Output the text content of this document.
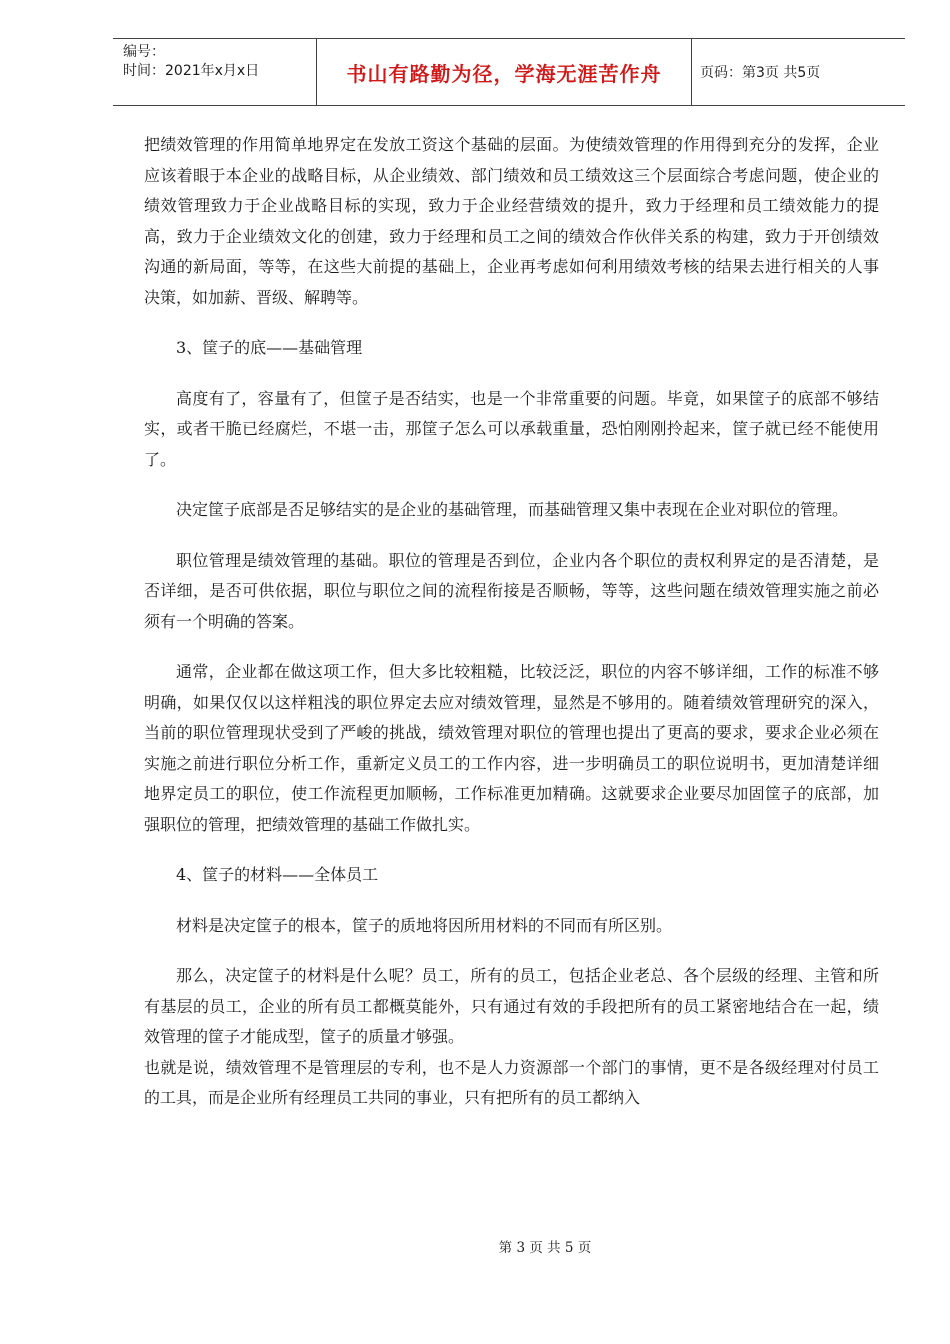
编号：
时间：2021年x月x日	书山有路勤为径，学海无涯苦作舟	页码：第3页 共5页

把绩效管理的作用简单地界定在发放工资这个基础的层面。为使绩效管理的作用得到充分的发挥，企业应该着眼于本企业的战略目标，从企业绩效、部门绩效和员工绩效这三个层面综合考虑问题，使企业的绩效管理致力于企业战略目标的实现，致力于企业经营绩效的提升，致力于经理和员工绩效能力的提高，致力于企业绩效文化的创建，致力于经理和员工之间的绩效合作伙伴关系的构建，致力于开创绩效沟通的新局面，等等，在这些大前提的基础上，企业再考虑如何利用绩效考核的结果去进行相关的人事决策，如加薪、晋级、解聘等。

3、筐子的底——基础管理

高度有了，容量有了，但筐子是否结实，也是一个非常重要的问题。毕竟，如果筐子的底部不够结实，或者干脆已经腐烂，不堪一击，那筐子怎么可以承载重量，恐怕刚刚拎起来，筐子就已经不能使用了。

决定筐子底部是否足够结实的是企业的基础管理，而基础管理又集中表现在企业对职位的管理。

职位管理是绩效管理的基础。职位的管理是否到位，企业内各个职位的责权利界定的是否清楚，是否详细，是否可供依据，职位与职位之间的流程衔接是否顺畅，等等，这些问题在绩效管理实施之前必须有一个明确的答案。

通常，企业都在做这项工作，但大多比较粗糙，比较泛泛，职位的内容不够详细，工作的标准不够明确，如果仅仅以这样粗浅的职位界定去应对绩效管理，显然是不够用的。随着绩效管理研究的深入，当前的职位管理现状受到了严峻的挑战，绩效管理对职位的管理也提出了更高的要求，要求企业必须在实施之前进行职位分析工作，重新定义员工的工作内容，进一步明确员工的职位说明书，更加清楚详细地界定员工的职位，使工作流程更加顺畅，工作标准更加精确。这就要求企业要尽加固筐子的底部，加强职位的管理，把绩效管理的基础工作做扎实。

4、筐子的材料——全体员工

材料是决定筐子的根本，筐子的质地将因所用材料的不同而有所区别。

那么，决定筐子的材料是什么呢？员工，所有的员工，包括企业老总、各个层级的经理、主管和所有基层的员工，企业的所有员工都概莫能外，只有通过有效的手段把所有的员工紧密地结合在一起，绩效管理的筐子才能成型，筐子的质量才够强。

也就是说，绩效管理不是管理层的专利，也不是人力资源部一个部门的事情，更不是各级经理对付员工的工具，而是企业所有经理员工共同的事业，只有把所有的员工都纳入

第 3 页 共 5 页
